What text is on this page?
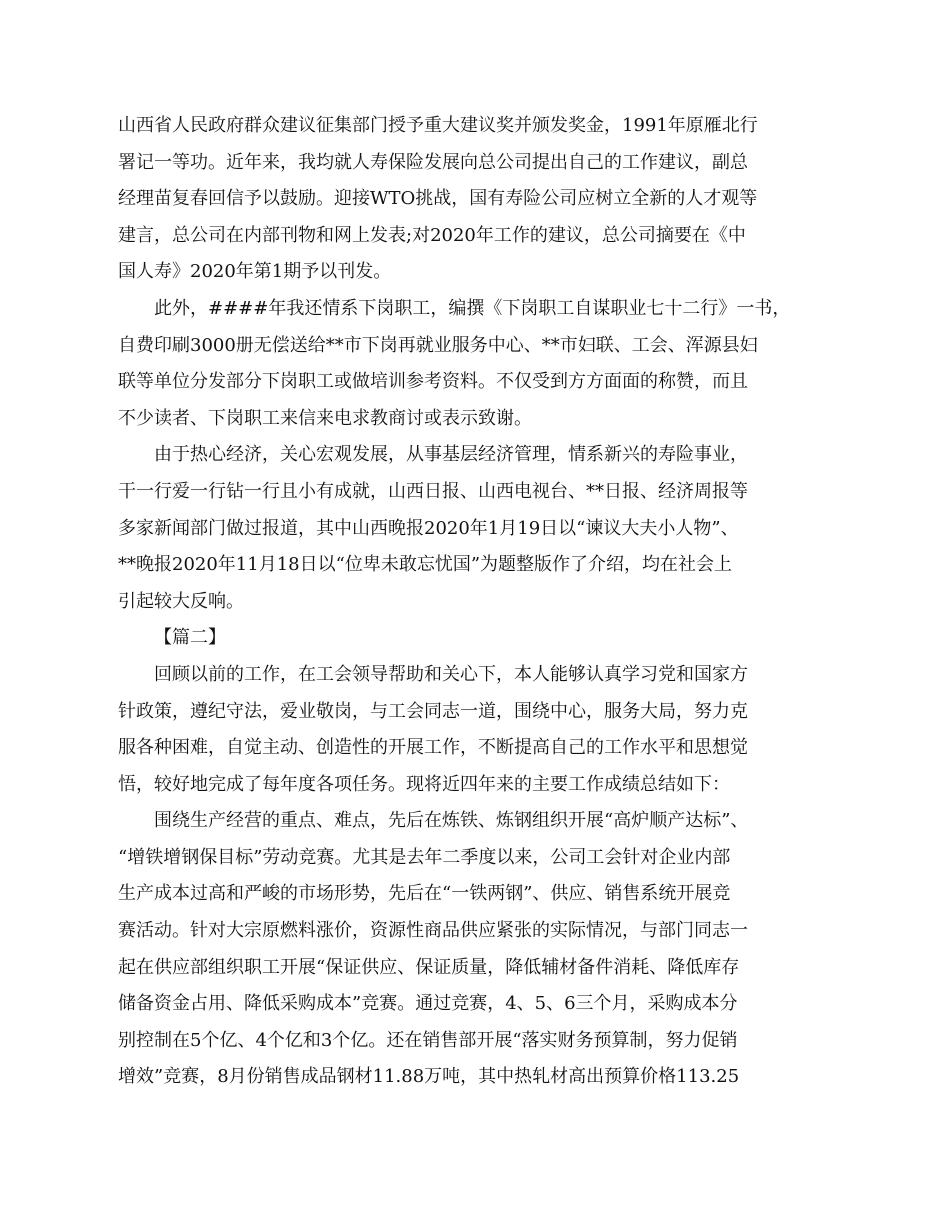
山西省人民政府群众建议征集部门授予重大建议奖并颁发奖金，1991年原雁北行
署记一等功。近年来，我均就人寿保险发展向总公司提出自己的工作建议，副总
经理苗复春回信予以鼓励。迎接WTO挑战，国有寿险公司应树立全新的人才观等
建言，总公司在内部刊物和网上发表;对2020年工作的建议，总公司摘要在《中
国人寿》2020年第1期予以刊发。
此外，####年我还情系下岗职工，编撰《下岗职工自谋职业七十二行》一书，
自费印刷3000册无偿送给**市下岗再就业服务中心、**市妇联、工会、浑源县妇
联等单位分发部分下岗职工或做培训参考资料。不仅受到方方面面的称赞，而且
不少读者、下岗职工来信来电求教商讨或表示致谢。
由于热心经济，关心宏观发展，从事基层经济管理，情系新兴的寿险事业，
干一行爱一行钻一行且小有成就，山西日报、山西电视台、**日报、经济周报等
多家新闻部门做过报道，其中山西晚报2020年1月19日以“谏议大夫小人物”、
**晚报2020年11月18日以“位卑未敢忘忧国”为题整版作了介绍，均在社会上
引起较大反响。
【篇二】
回顾以前的工作，在工会领导帮助和关心下，本人能够认真学习党和国家方
针政策，遵纪守法，爱业敬岗，与工会同志一道，围绕中心，服务大局，努力克
服各种困难，自觉主动、创造性的开展工作，不断提高自己的工作水平和思想觉
悟，较好地完成了每年度各项任务。现将近四年来的主要工作成绩总结如下：
围绕生产经营的重点、难点，先后在炼铁、炼钢组织开展“高炉顺产达标”、
“增铁增钢保目标”劳动竞赛。尤其是去年二季度以来，公司工会针对企业内部
生产成本过高和严峻的市场形势，先后在“一铁两钢”、供应、销售系统开展竞
赛活动。针对大宗原燃料涨价，资源性商品供应紧张的实际情况，与部门同志一
起在供应部组织职工开展“保证供应、保证质量，降低辅材备件消耗、降低库存
储备资金占用、降低采购成本”竞赛。通过竞赛，4、5、6三个月，采购成本分
别控制在5个亿、4个亿和3个亿。还在销售部开展“落实财务预算制，努力促销
增效”竞赛，8月份销售成品钢材11.88万吨，其中热轧材高出预算价格113.25
